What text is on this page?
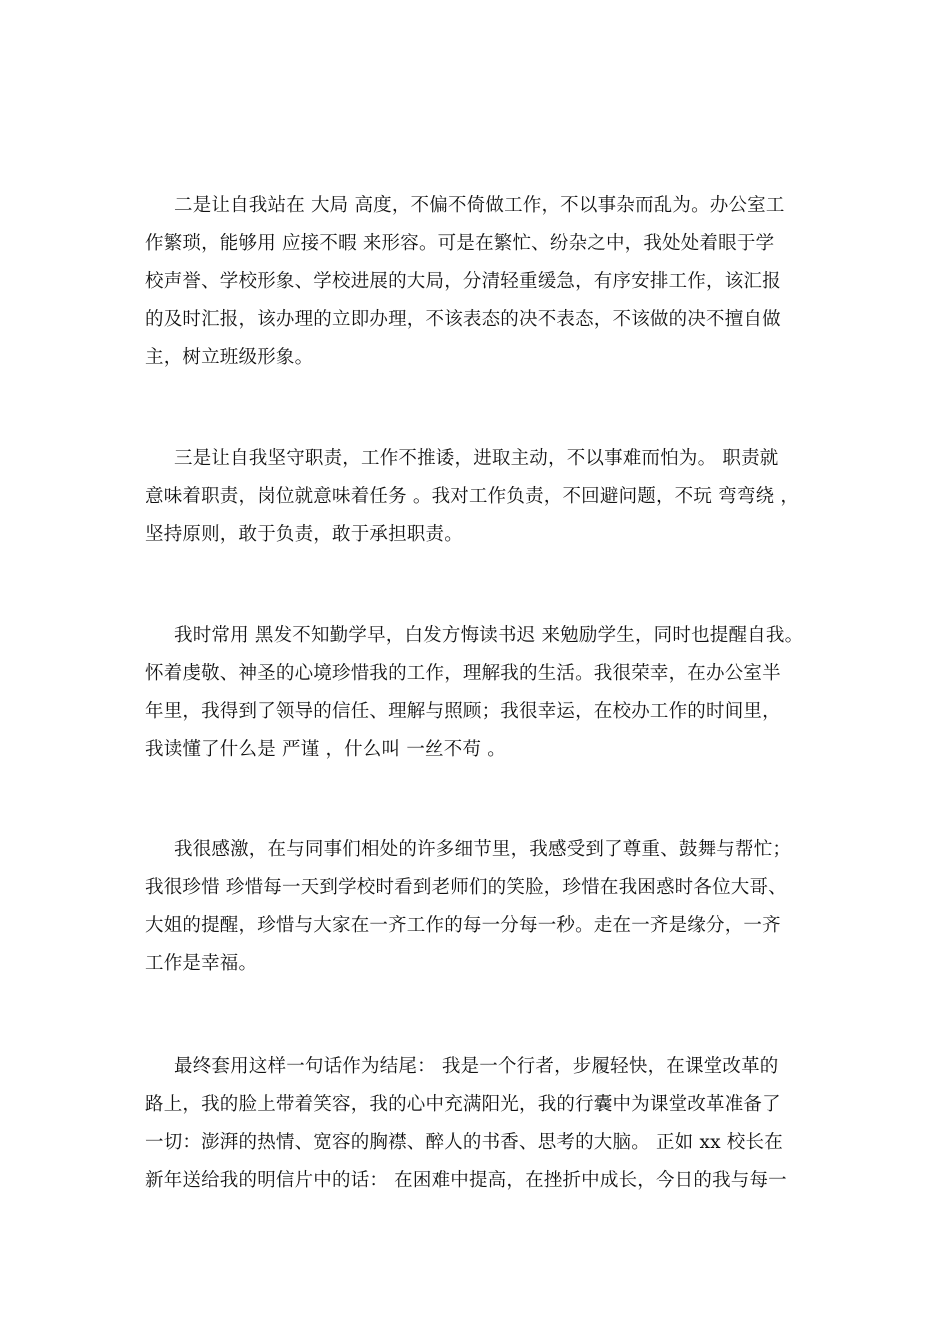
二是让自我站在 大局 高度，不偏不倚做工作，不以事杂而乱为。办公室工
作繁琐，能够用 应接不暇 来形容。可是在繁忙、纷杂之中，我处处着眼于学
校声誉、学校形象、学校进展的大局，分清轻重缓急，有序安排工作，该汇报
的及时汇报，该办理的立即办理，不该表态的决不表态，不该做的决不擅自做
主，树立班级形象。

三是让自我坚守职责，工作不推诿，进取主动，不以事难而怕为。 职责就
意味着职责，岗位就意味着任务 。我对工作负责，不回避问题，不玩 弯弯绕 ，
坚持原则，敢于负责，敢于承担职责。

我时常用 黑发不知勤学早，白发方悔读书迟 来勉励学生，同时也提醒自我。
怀着虔敬、神圣的心境珍惜我的工作，理解我的生活。我很荣幸，在办公室半
年里，我得到了领导的信任、理解与照顾；我很幸运，在校办工作的时间里，
我读懂了什么是 严谨 ，什么叫 一丝不苟 。

我很感激，在与同事们相处的许多细节里，我感受到了尊重、鼓舞与帮忙；
我很珍惜 珍惜每一天到学校时看到老师们的笑脸，珍惜在我困惑时各位大哥、
大姐的提醒，珍惜与大家在一齐工作的每一分每一秒。走在一齐是缘分，一齐
工作是幸福。

最终套用这样一句话作为结尾： 我是一个行者，步履轻快，在课堂改革的
路上，我的脸上带着笑容，我的心中充满阳光，我的行囊中为课堂改革准备了
一切：澎湃的热情、宽容的胸襟、醉人的书香、思考的大脑。 正如 xx 校长在
新年送给我的明信片中的话： 在困难中提高，在挫折中成长，今日的我与每一
